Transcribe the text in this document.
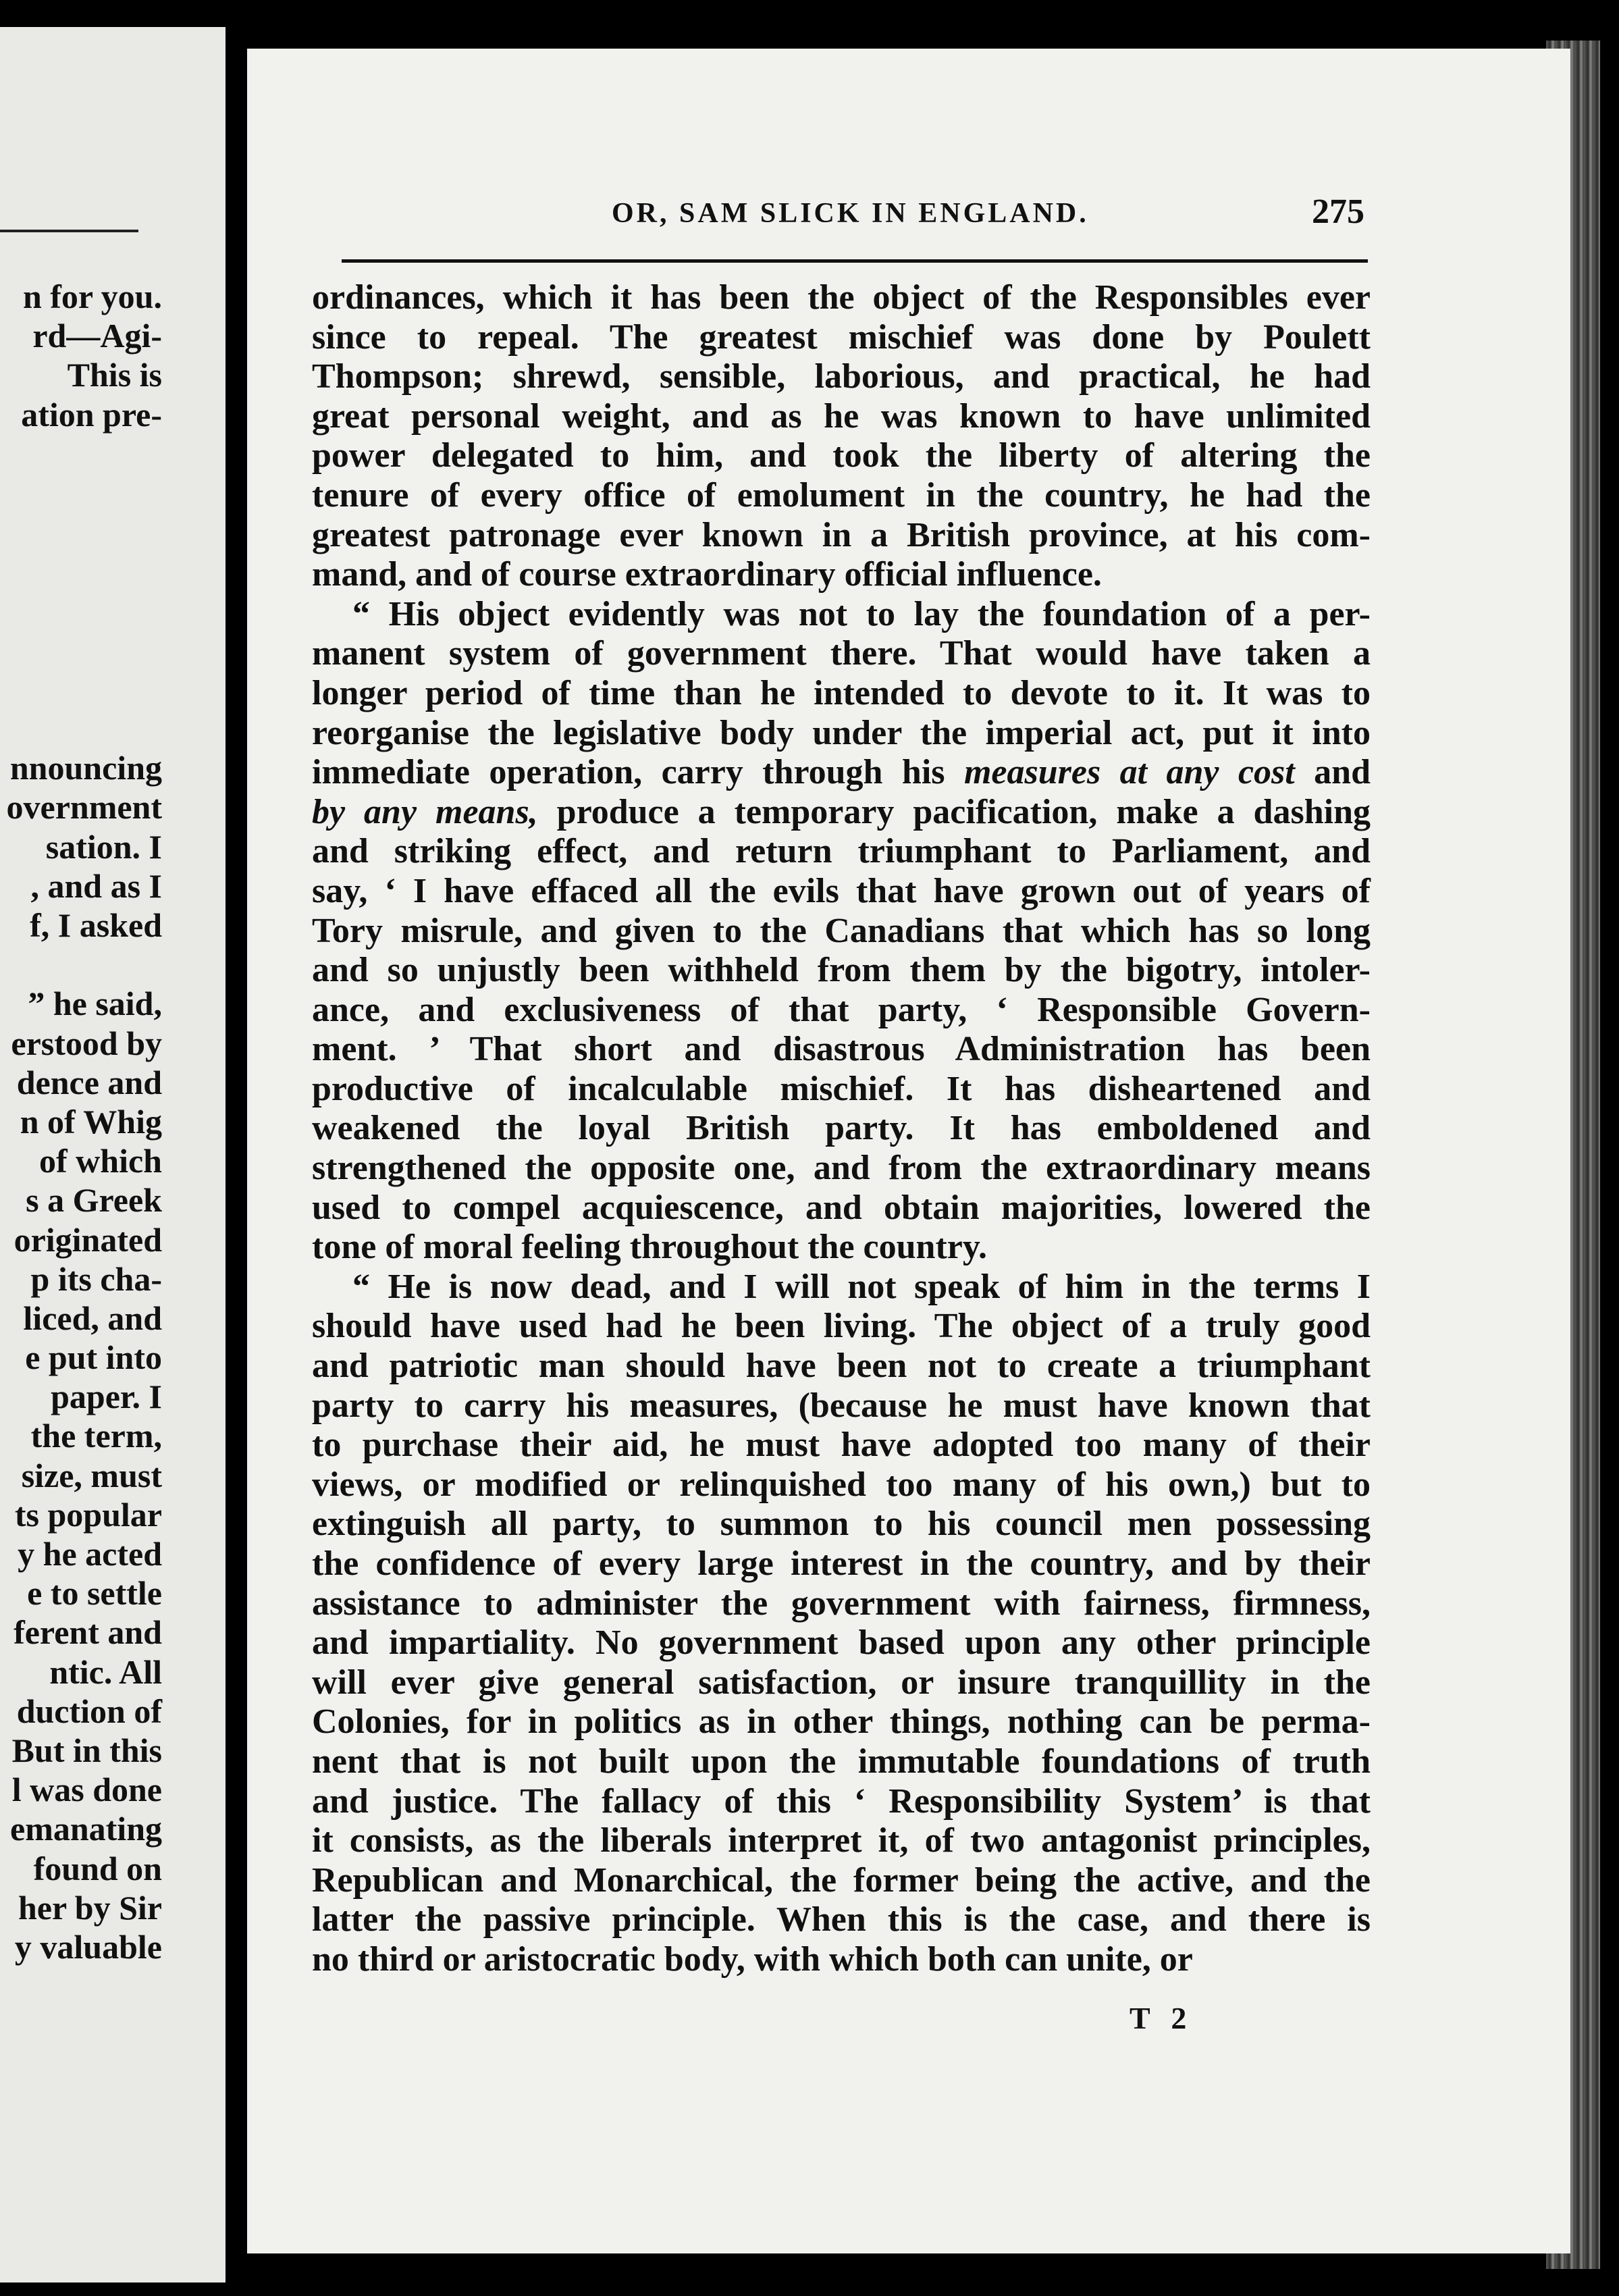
n for you.
rd—Agi-
This is
ation pre-
nnouncing
overnment
sation. I
, and as I
f, I asked
” he said,
erstood by
dence and
n of Whig
of which
s a Greek
originated
p its cha-
liced, and
e put into
paper. I
the term,
size, must
ts popular
y he acted
e to settle
ferent and
ntic. All
duction of
But in this
l was done
emanating
found on
her by Sir
y valuable
OR, SAM SLICK IN ENGLAND.	275
ordinances, which it has been the object of the Responsibles ever
since to repeal. The greatest mischief was done by Poulett
Thompson; shrewd, sensible, laborious, and practical, he had
great personal weight, and as he was known to have unlimited
power delegated to him, and took the liberty of altering the
tenure of every office of emolument in the country, he had the
greatest patronage ever known in a British province, at his com-
mand, and of course extraordinary official influence.
“ His object evidently was not to lay the foundation of a per-
manent system of government there. That would have taken a
longer period of time than he intended to devote to it. It was to
reorganise the legislative body under the imperial act, put it into
immediate operation, carry through his measures at any cost and
by any means, produce a temporary pacification, make a dashing
and striking effect, and return triumphant to Parliament, and
say, ‘ I have effaced all the evils that have grown out of years of
Tory misrule, and given to the Canadians that which has so long
and so unjustly been withheld from them by the bigotry, intoler-
ance, and exclusiveness of that party, ‘ Responsible Govern-
ment. ’ That short and disastrous Administration has been
productive of incalculable mischief. It has disheartened and
weakened the loyal British party. It has emboldened and
strengthened the opposite one, and from the extraordinary means
used to compel acquiescence, and obtain majorities, lowered the
tone of moral feeling throughout the country.
“ He is now dead, and I will not speak of him in the terms I
should have used had he been living. The object of a truly good
and patriotic man should have been not to create a triumphant
party to carry his measures, (because he must have known that
to purchase their aid, he must have adopted too many of their
views, or modified or relinquished too many of his own,) but to
extinguish all party, to summon to his council men possessing
the confidence of every large interest in the country, and by their
assistance to administer the government with fairness, firmness,
and impartiality. No government based upon any other principle
will ever give general satisfaction, or insure tranquillity in the
Colonies, for in politics as in other things, nothing can be perma-
nent that is not built upon the immutable foundations of truth
and justice. The fallacy of this ‘ Responsibility System’ is that
it consists, as the liberals interpret it, of two antagonist principles,
Republican and Monarchical, the former being the active, and the
latter the passive principle. When this is the case, and there is
no third or aristocratic body, with which both can unite, or
T 2
